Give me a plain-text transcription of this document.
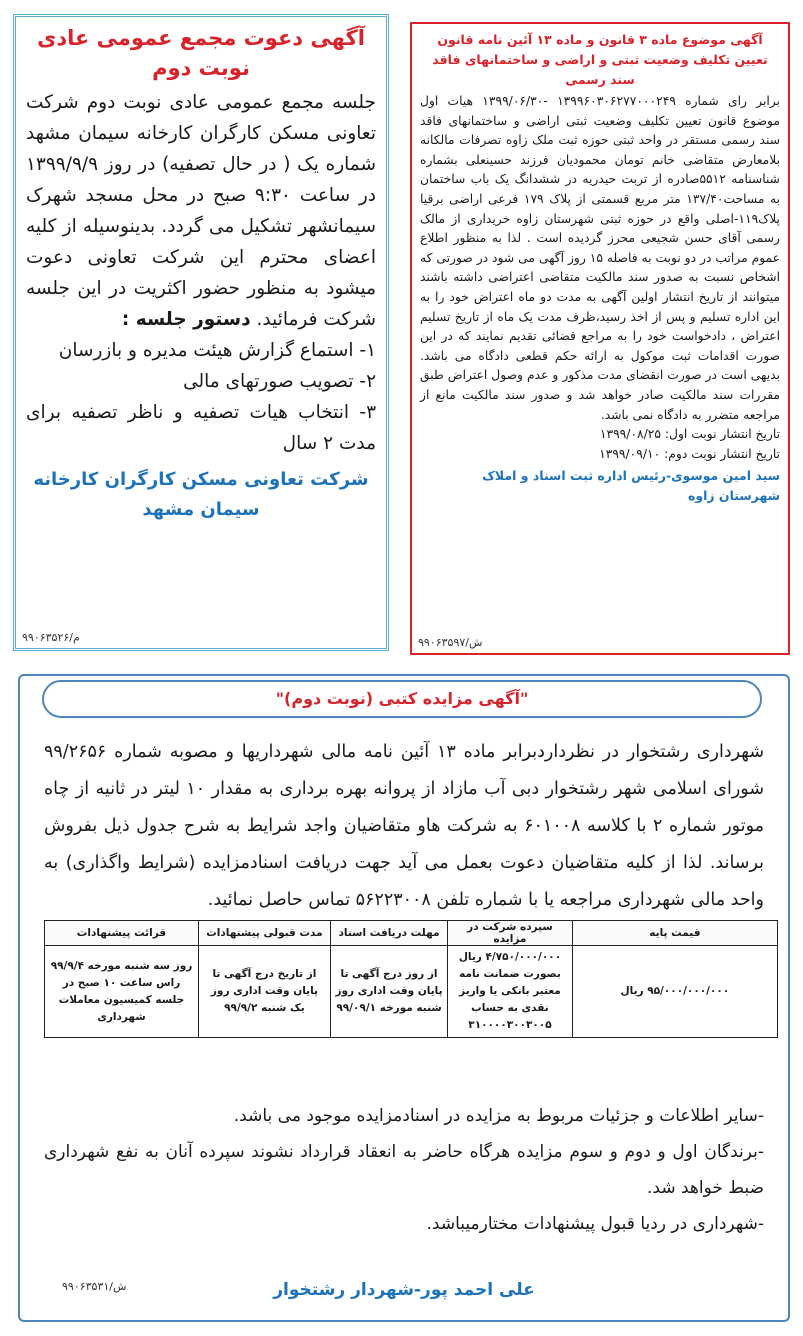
آگهی دعوت مجمع عمومی عادی
نوبت دوم
جلسه مجمع عمومی عادی نوبت دوم شرکت تعاونی مسکن کارگران کارخانه سیمان مشهد شماره یک ( در حال تصفیه) در روز ۱۳۹۹/۹/۹ در ساعت ۹:۳۰ صبح در محل مسجد شهرک سیمانشهر تشکیل می گردد. بدینوسیله از کلیه اعضای محترم این شرکت تعاونی دعوت میشود به منظور حضور اکثریت در این جلسه شرکت فرمائید. دستور جلسه :
۱- استماع گزارش هیئت مدیره و بازرسان
۲- تصویب صورتهای مالی
۳- انتخاب هیات تصفیه و ناظر تصفیه برای مدت ۲ سال
شرکت تعاونی مسکن کارگران کارخانه
سیمان مشهد
م/۹۹۰۶۳۵۲۶
آگهی موضوع ماده ۳ قانون و ماده ۱۳ آئین نامه قانون تعیین تکلیف وضعیت ثبتی و اراضی و ساختمانهای فاقد سند رسمی
برابر رای شماره ۱۳۹۹۶۰۳۰۶۲۷۷۰۰۰۲۴۹ -۱۳۹۹/۰۶/۳۰ هیات اول موضوع قانون تعیین تکلیف وضعیت ثبتی اراضی و ساختمانهای فاقد سند رسمی مستقر در واحد ثبتی حوزه ثبت ملک زاوه تصرفات مالکانه بلامعارض متقاضی خانم تومان محمودیان فرزند حسینعلی بشماره شناسنامه ۵۵۱۲صادره از تربت حیدریه در ششدانگ یک باب ساختمان به مساحت۱۳۷/۴۰ متر مربع قسمتی از پلاک ۱۷۹ فرعی اراضی برقیا پلاک۱۱۹-اصلی واقع در حوزه ثبتی شهرستان زاوه خریداری از مالک رسمی آقای حسن شجیعی محرز گردیده است . لذا به منظور اطلاع عموم مراتب در دو نوبت به فاصله ۱۵ روز آگهی می شود در صورتی که اشخاص نسبت به صدور سند مالکیت متقاضی اعتراضی داشته باشند میتوانند از تاریخ انتشار اولین آگهی به مدت دو ماه اعتراض خود را به این اداره تسلیم و پس از اخذ رسید،ظرف مدت یک ماه از تاریخ تسلیم اعتراض ، دادخواست خود را به مراجع قضائی تقدیم نمایند که در این صورت اقدامات ثبت موکول به ارائه حکم قطعی دادگاه می باشد. بدیهی است در صورت انقضای مدت مذکور و عدم وصول اعتراض طبق مقررات سند مالکیت صادر خواهد شد و صدور سند مالکیت مانع از مراجعه متضرر به دادگاه نمی باشد.
تاریخ انتشار نوبت اول: ۱۳۹۹/۰۸/۲۵
تاریخ انتشار نوبت دوم: ۱۳۹۹/۰۹/۱۰
سید امین موسوی-رئیس اداره ثبت اسناد و املاک شهرستان زاوه
ش/۹۹۰۶۳۵۹۷
"آگهی مزایده کتبی (نوبت دوم)"
شهرداری رشتخوار در نظرداردبرابر ماده ۱۳ آئین نامه مالی شهرداریها و مصوبه شماره ۹۹/۲۶۵۶ شورای اسلامی شهر رشتخوار دبی آب مازاد از پروانه بهره برداری به مقدار ۱۰ لیتر در ثانیه از چاه موتور شماره ۲ با کلاسه ۶۰۱۰۰۸ به شرکت هاو متقاضیان واجد شرایط به شرح جدول ذیل بفروش برساند. لذا از کلیه متقاضیان دعوت بعمل می آید جهت دریافت اسنادمزایده (شرایط واگذاری) به واحد مالی شهرداری مراجعه یا با شماره تلفن ۵۶۲۲۳۰۰۸ تماس حاصل نمائید.
قیمت پایه	سپرده شرکت در مزایده	مهلت دریافت اسناد	مدت قبولی پیشنهادات	قرائت پیشنهادات
۹۵/۰۰۰/۰۰۰/۰۰۰ ریال	۴/۷۵۰/۰۰۰/۰۰۰ ریال بصورت ضمانت نامه معتبر بانکی یا واریز نقدی به حساب ۳۱۰۰۰۰۳۰۰۳۰۰۵	از روز درج آگهی تا پایان وقت اداری روز شنبه مورخه ۹۹/۰۹/۱	از تاریخ درج آگهی تا پایان وقت اداری روز یک شنبه ۹۹/۹/۲	روز سه شنبه مورخه ۹۹/۹/۴ راس ساعت ۱۰ صبح در جلسه کمیسیون معاملات شهرداری
-سایر اطلاعات و جزئیات مربوط به مزایده در اسنادمزایده موجود می باشد.
-برندگان اول و دوم و سوم مزایده هرگاه حاضر به انعقاد قرارداد نشوند سپرده آنان به نفع شهرداری ضبط خواهد شد.
-شهرداری در ردیا قبول پیشنهادات مختارمیباشد.
علی احمد پور-شهردار رشتخوار
ش/۹۹۰۶۳۵۳۱
